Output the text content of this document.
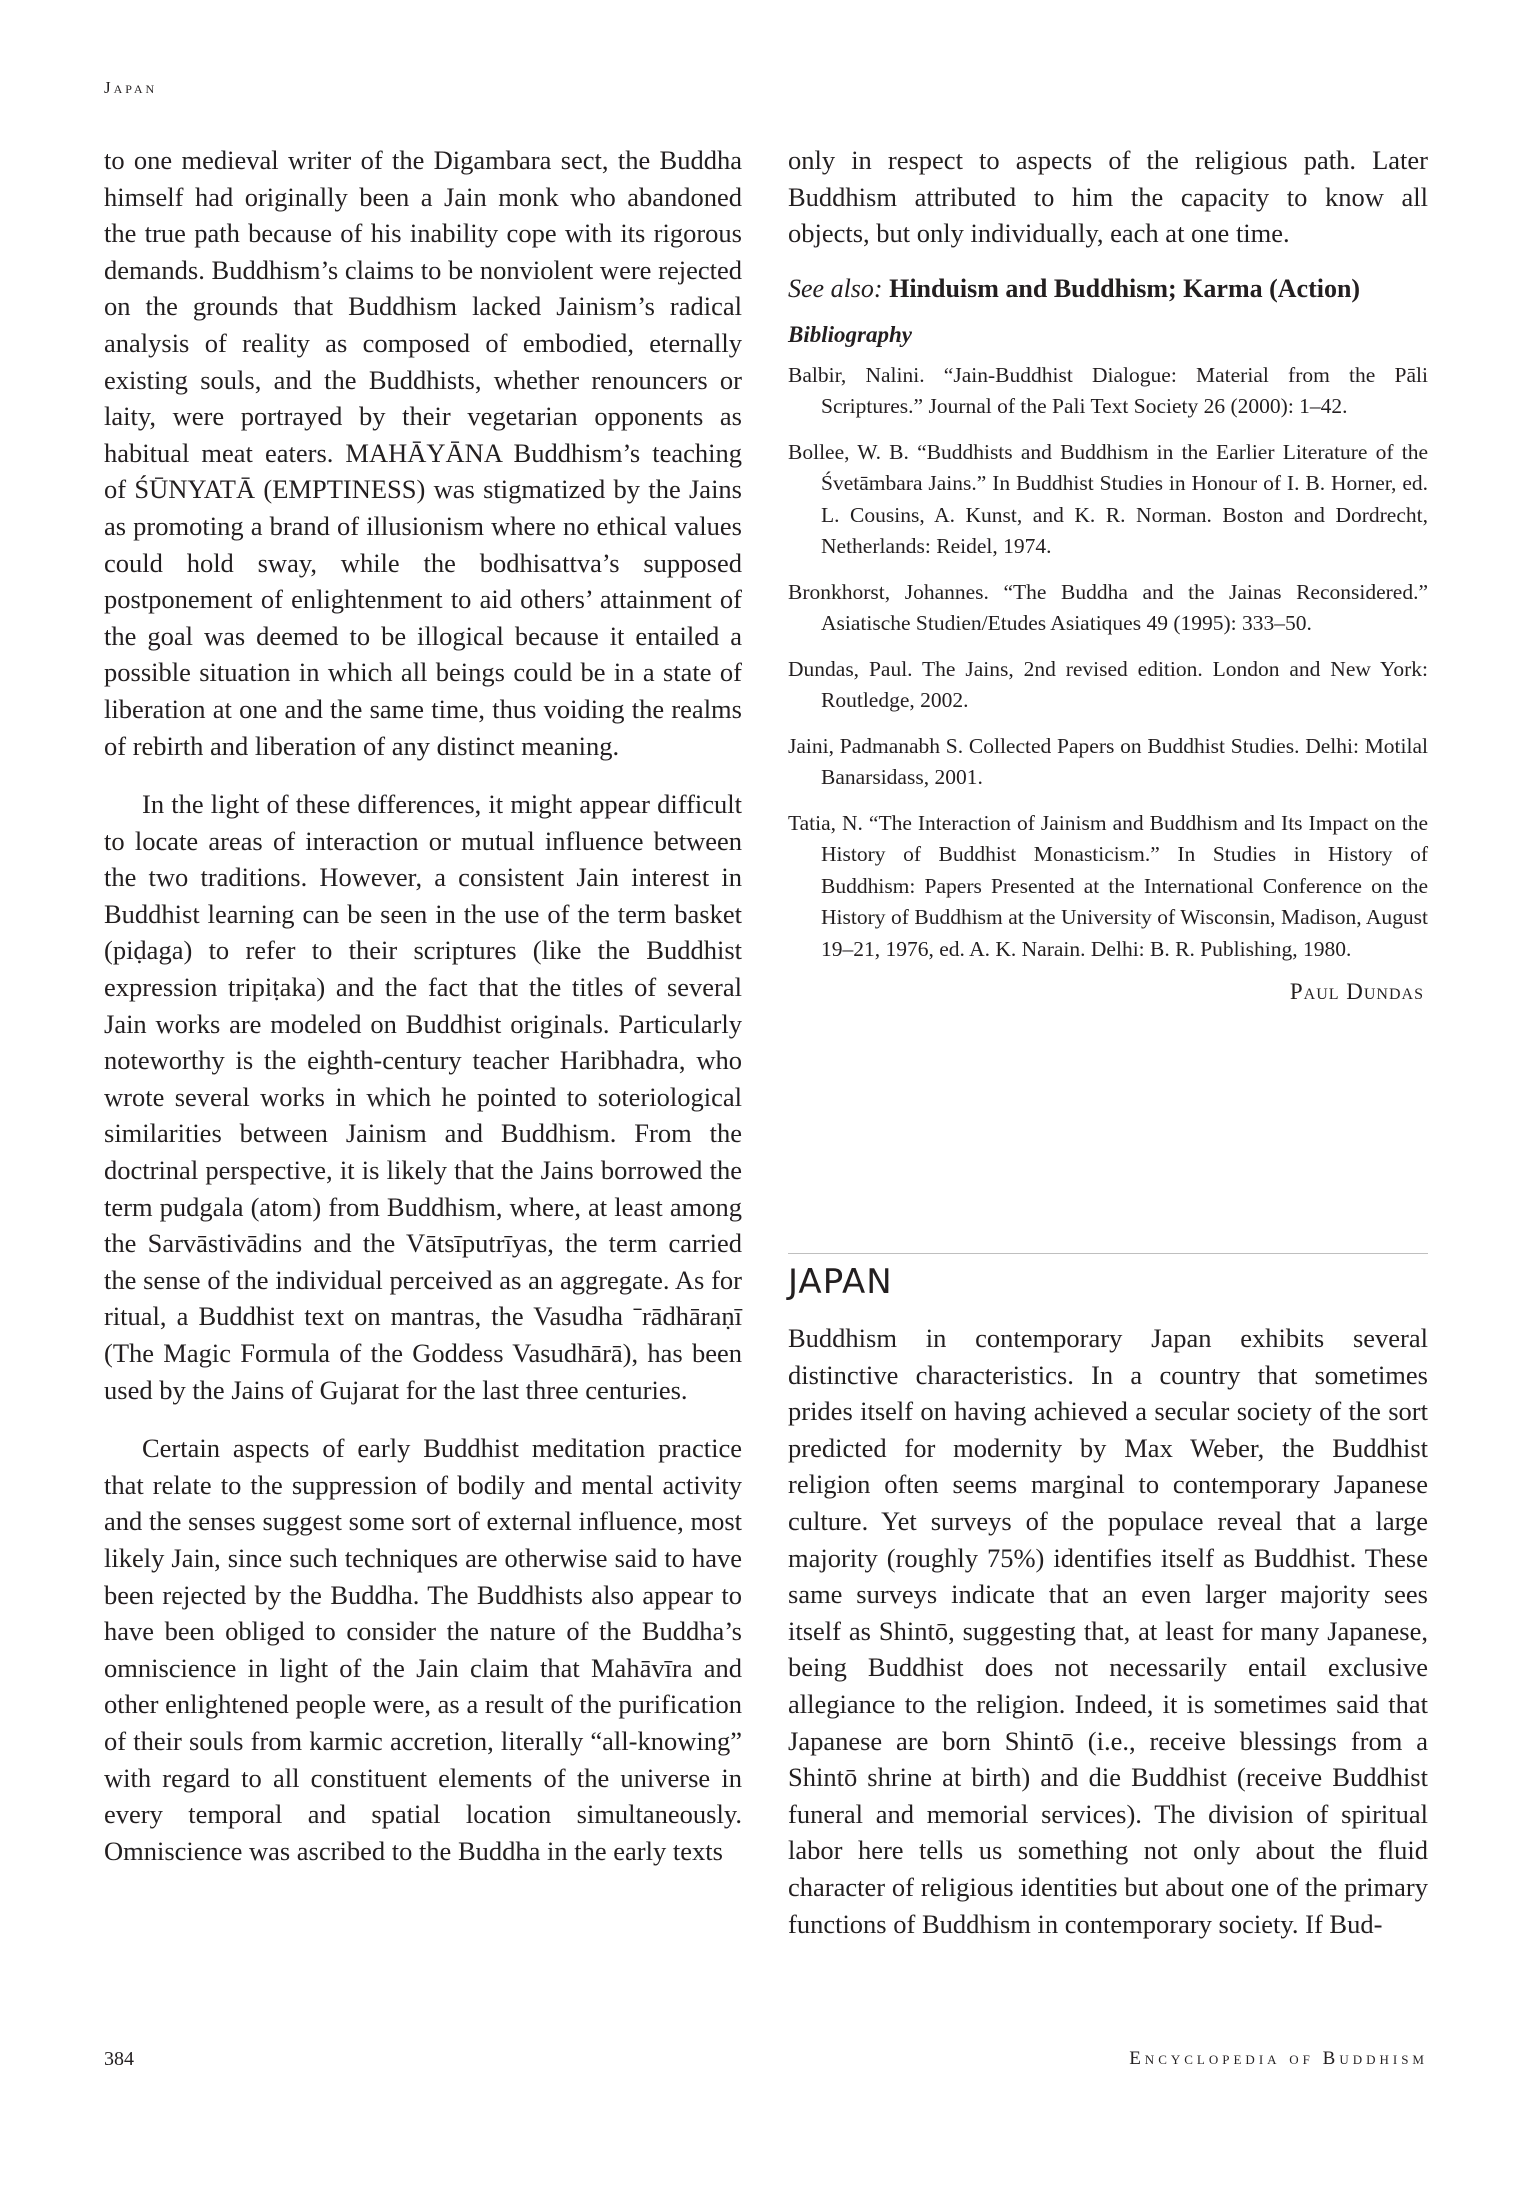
Japan

to one medieval writer of the Digambara sect, the Buddha himself had originally been a Jain monk who abandoned the true path because of his inability cope with its rigorous demands. Buddhism’s claims to be nonviolent were rejected on the grounds that Buddhism lacked Jainism’s radical analysis of reality as composed of embodied, eternally existing souls, and the Buddhists, whether renouncers or laity, were portrayed by their vegetarian opponents as habitual meat eaters. MAHĀYĀNA Buddhism’s teaching of ŚŪNYATĀ (EMPTINESS) was stigmatized by the Jains as promoting a brand of illusionism where no ethical values could hold sway, while the bodhisattva’s supposed postponement of enlightenment to aid others’ attainment of the goal was deemed to be illogical because it entailed a possible situation in which all beings could be in a state of liberation at one and the same time, thus voiding the realms of rebirth and liberation of any distinct meaning.

In the light of these differences, it might appear difficult to locate areas of interaction or mutual influence between the two traditions. However, a consistent Jain interest in Buddhist learning can be seen in the use of the term basket (piḍaga) to refer to their scriptures (like the Buddhist expression tripiṭaka) and the fact that the titles of several Jain works are modeled on Buddhist originals. Particularly noteworthy is the eighth-century teacher Haribhadra, who wrote several works in which he pointed to soteriological similarities between Jainism and Buddhism. From the doctrinal perspective, it is likely that the Jains borrowed the term pudgala (atom) from Buddhism, where, at least among the Sarvāstivādins and the Vātsīputrīyas, the term carried the sense of the individual perceived as an aggregate. As for ritual, a Buddhist text on mantras, the Vasudha ˉrādhāraṇī (The Magic Formula of the Goddess Vasudhārā), has been used by the Jains of Gujarat for the last three centuries.

Certain aspects of early Buddhist meditation practice that relate to the suppression of bodily and mental activity and the senses suggest some sort of external influence, most likely Jain, since such techniques are otherwise said to have been rejected by the Buddha. The Buddhists also appear to have been obliged to consider the nature of the Buddha’s omniscience in light of the Jain claim that Mahāvīra and other enlightened people were, as a result of the purification of their souls from karmic accretion, literally “all-knowing” with regard to all constituent elements of the universe in every temporal and spatial location simultaneously. Omniscience was ascribed to the Buddha in the early texts

only in respect to aspects of the religious path. Later Buddhism attributed to him the capacity to know all objects, but only individually, each at one time.

See also: Hinduism and Buddhism; Karma (Action)
Bibliography
Balbir, Nalini. “Jain-Buddhist Dialogue: Material from the Pāli Scriptures.” Journal of the Pali Text Society 26 (2000): 1–42.
Bollee, W. B. “Buddhists and Buddhism in the Earlier Literature of the Śvetāmbara Jains.” In Buddhist Studies in Honour of I. B. Horner, ed. L. Cousins, A. Kunst, and K. R. Norman. Boston and Dordrecht, Netherlands: Reidel, 1974.
Bronkhorst, Johannes. “The Buddha and the Jainas Reconsidered.” Asiatische Studien/Etudes Asiatiques 49 (1995): 333–50.
Dundas, Paul. The Jains, 2nd revised edition. London and New York: Routledge, 2002.
Jaini, Padmanabh S. Collected Papers on Buddhist Studies. Delhi: Motilal Banarsidass, 2001.
Tatia, N. “The Interaction of Jainism and Buddhism and Its Impact on the History of Buddhist Monasticism.” In Studies in History of Buddhism: Papers Presented at the International Conference on the History of Buddhism at the University of Wisconsin, Madison, August 19–21, 1976, ed. A. K. Narain. Delhi: B. R. Publishing, 1980.
Paul Dundas
JAPAN

Buddhism in contemporary Japan exhibits several distinctive characteristics. In a country that sometimes prides itself on having achieved a secular society of the sort predicted for modernity by Max Weber, the Buddhist religion often seems marginal to contemporary Japanese culture. Yet surveys of the populace reveal that a large majority (roughly 75%) identifies itself as Buddhist. These same surveys indicate that an even larger majority sees itself as Shintō, suggesting that, at least for many Japanese, being Buddhist does not necessarily entail exclusive allegiance to the religion. Indeed, it is sometimes said that Japanese are born Shintō (i.e., receive blessings from a Shintō shrine at birth) and die Buddhist (receive Buddhist funeral and memorial services). The division of spiritual labor here tells us something not only about the fluid character of religious identities but about one of the primary functions of Buddhism in contemporary society. If Bud-

384	Encyclopedia of Buddhism
